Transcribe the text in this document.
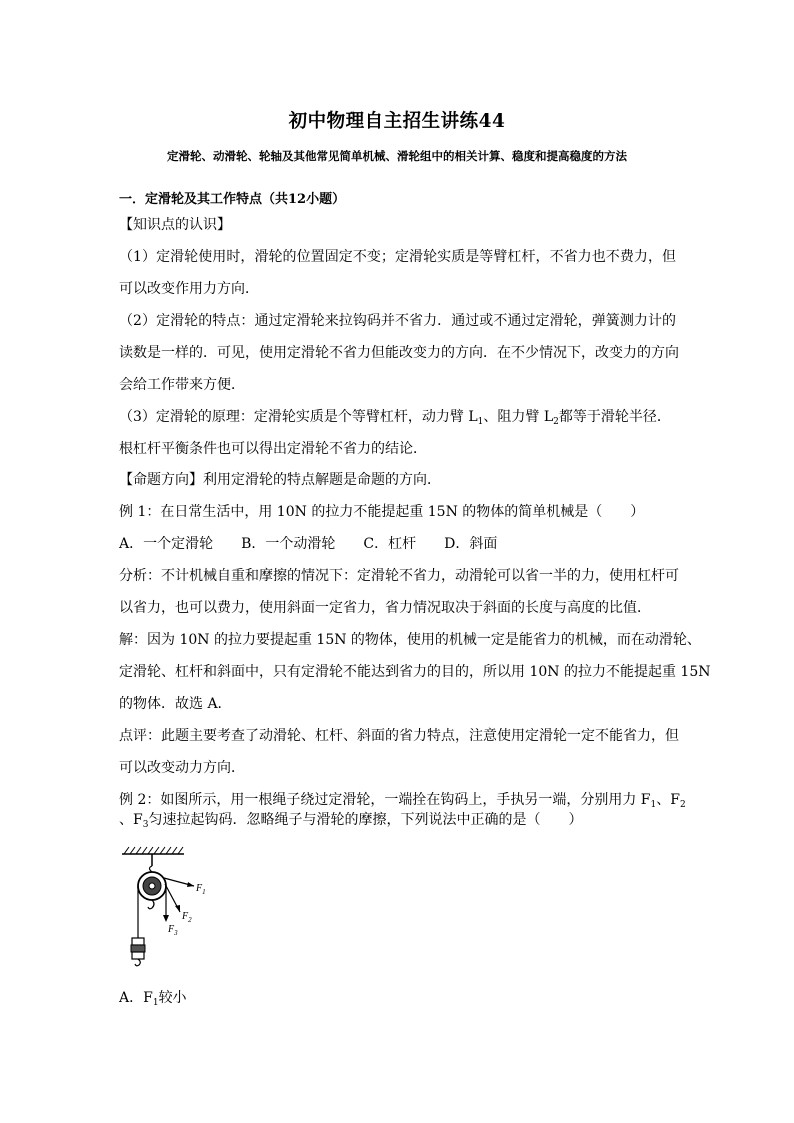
初中物理自主招生讲练44
定滑轮、动滑轮、轮轴及其他常见简单机械、滑轮组中的相关计算、稳度和提高稳度的方法
一．定滑轮及其工作特点（共12小题）
【知识点的认识】
（1）定滑轮使用时，滑轮的位置固定不变；定滑轮实质是等臂杠杆，不省力也不费力，但
可以改变作用力方向．
（2）定滑轮的特点：通过定滑轮来拉钩码并不省力．通过或不通过定滑轮，弹簧测力计的
读数是一样的．可见，使用定滑轮不省力但能改变力的方向．在不少情况下，改变力的方向
会给工作带来方便．
（3）定滑轮的原理：定滑轮实质是个等臂杠杆，动力臂 $L_1$、阻力臂 $L_2$都等于滑轮半径．
根杠杆平衡条件也可以得出定滑轮不省力的结论．
【命题方向】利用定滑轮的特点解题是命题的方向．
例 1：在日常生活中，用 10N 的拉力不能提起重 15N 的物体的简单机械是（　　）
A．一个定滑轮　　B．一个动滑轮　　C．杠杆　　D．斜面
分析：不计机械自重和摩擦的情况下：定滑轮不省力，动滑轮可以省一半的力，使用杠杆可
以省力，也可以费力，使用斜面一定省力，省力情况取决于斜面的长度与高度的比值．
解：因为 10N 的拉力要提起重 15N 的物体，使用的机械一定是能省力的机械，而在动滑轮、
定滑轮、杠杆和斜面中，只有定滑轮不能达到省力的目的，所以用 10N 的拉力不能提起重 15N
的物体．故选 A．
点评：此题主要考查了动滑轮、杠杆、斜面的省力特点，注意使用定滑轮一定不能省力，但
可以改变动力方向．
例 2：如图所示，用一根绳子绕过定滑轮，一端拴在钩码上，手执另一端，分别用力 $F_1$、$F_2$
、$F_3$匀速拉起钩码．忽略绳子与滑轮的摩擦，下列说法中正确的是（　　）
$F_1$
$F_2$
$F_3$
A．$F_1$较小
